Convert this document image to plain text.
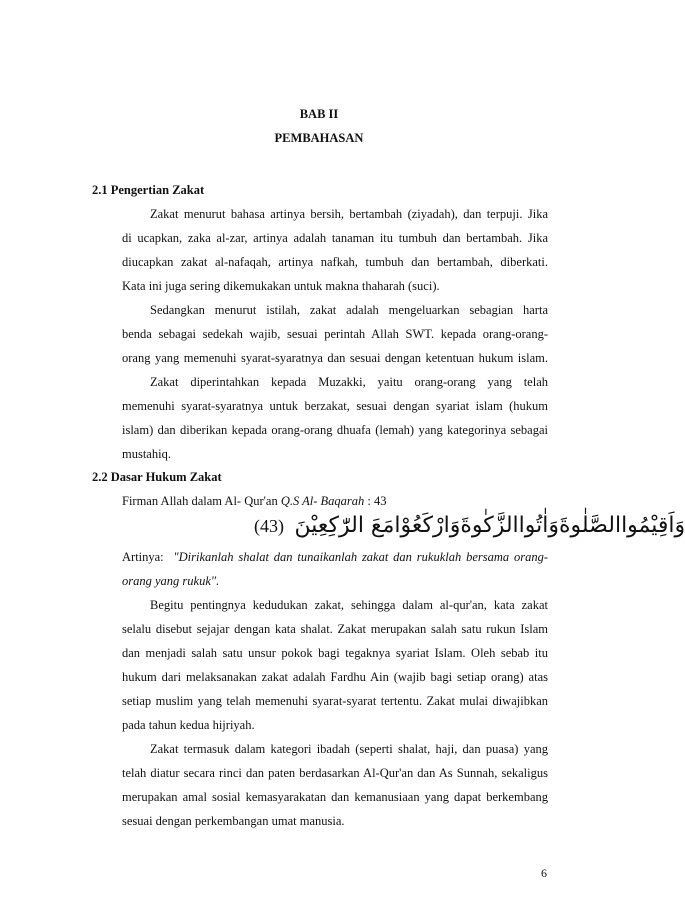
BAB II
PEMBAHASAN
2.1 Pengertian Zakat
Zakat menurut bahasa artinya bersih, bertambah (ziyadah), dan terpuji. Jika
di ucapkan, zaka al-zar, artinya adalah tanaman itu tumbuh dan bertambah. Jika
diucapkan zakat al-nafaqah, artinya nafkah, tumbuh dan bertambah, diberkati.
Kata ini juga sering dikemukakan untuk makna thaharah (suci).
Sedangkan menurut istilah, zakat adalah mengeluarkan sebagian harta
benda sebagai sedekah wajib, sesuai perintah Allah SWT. kepada orang-orang-
orang yang memenuhi syarat-syaratnya dan sesuai dengan ketentuan hukum islam.
Zakat diperintahkan kepada Muzakki, yaitu orang-orang yang telah
memenuhi syarat-syaratnya untuk berzakat, sesuai dengan syariat islam (hukum
islam) dan diberikan kepada orang-orang dhuafa (lemah) yang kategorinya sebagai
mustahiq.
2.2 Dasar Hukum Zakat
Firman Allah dalam Al- Qur'an Q.S Al- Baqarah : 43
(43) وَاَقِيْمُواالصَّلٰوةَوَاٰتُواالزَّكٰوةَوَارْكَعُوْامَعَ الرّٰكِعِيْنَ
Artinya: "Dirikanlah shalat dan tunaikanlah zakat dan rukuklah bersama orang-
orang yang rukuk".
Begitu pentingnya kedudukan zakat, sehingga dalam al-qur'an, kata zakat
selalu disebut sejajar dengan kata shalat. Zakat merupakan salah satu rukun Islam
dan menjadi salah satu unsur pokok bagi tegaknya syariat Islam. Oleh sebab itu
hukum dari melaksanakan zakat adalah Fardhu Ain (wajib bagi setiap orang) atas
setiap muslim yang telah memenuhi syarat-syarat tertentu. Zakat mulai diwajibkan
pada tahun kedua hijriyah.
Zakat termasuk dalam kategori ibadah (seperti shalat, haji, dan puasa) yang
telah diatur secara rinci dan paten berdasarkan Al-Qur'an dan As Sunnah, sekaligus
merupakan amal sosial kemasyarakatan dan kemanusiaan yang dapat berkembang
sesuai dengan perkembangan umat manusia.
6
